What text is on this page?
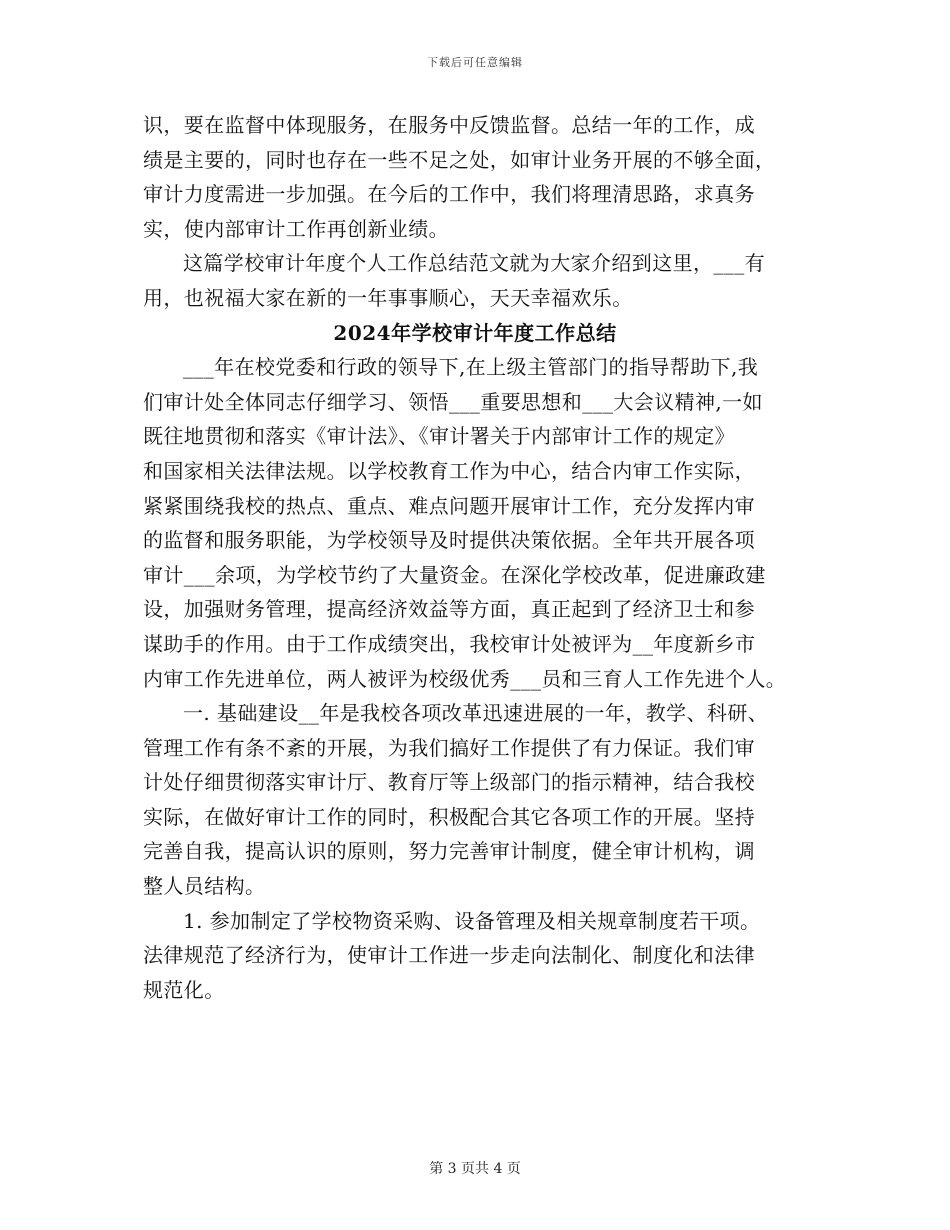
下载后可任意编辑
识，要在监督中体现服务，在服务中反馈监督。总结一年的工作，成
绩是主要的，同时也存在一些不足之处，如审计业务开展的不够全面，
审计力度需进一步加强。在今后的工作中，我们将理清思路，求真务
实，使内部审计工作再创新业绩。
这篇学校审计年度个人工作总结范文就为大家介绍到这里，___有
用，也祝福大家在新的一年事事顺心，天天幸福欢乐。
2024年学校审计年度工作总结
___年在校党委和行政的领导下,在上级主管部门的指导帮助下,我
们审计处全体同志仔细学习、领悟___重要思想和___大会议精神,一如
既往地贯彻和落实《审计法》、《审计署关于内部审计工作的规定》
和国家相关法律法规。以学校教育工作为中心，结合内审工作实际，
紧紧围绕我校的热点、重点、难点问题开展审计工作，充分发挥内审
的监督和服务职能，为学校领导及时提供决策依据。全年共开展各项
审计___余项，为学校节约了大量资金。在深化学校改革，促进廉政建
设，加强财务管理，提高经济效益等方面，真正起到了经济卫士和参
谋助手的作用。由于工作成绩突出，我校审计处被评为__年度新乡市
内审工作先进单位，两人被评为校级优秀___员和三育人工作先进个人。
一. 基础建设__年是我校各项改革迅速进展的一年，教学、科研、
管理工作有条不紊的开展，为我们搞好工作提供了有力保证。我们审
计处仔细贯彻落实审计厅、教育厅等上级部门的指示精神，结合我校
实际，在做好审计工作的同时，积极配合其它各项工作的开展。坚持
完善自我，提高认识的原则，努力完善审计制度，健全审计机构，调
整人员结构。
1. 参加制定了学校物资采购、设备管理及相关规章制度若干项。
法律规范了经济行为，使审计工作进一步走向法制化、制度化和法律
规范化。
第 3 页共 4 页
